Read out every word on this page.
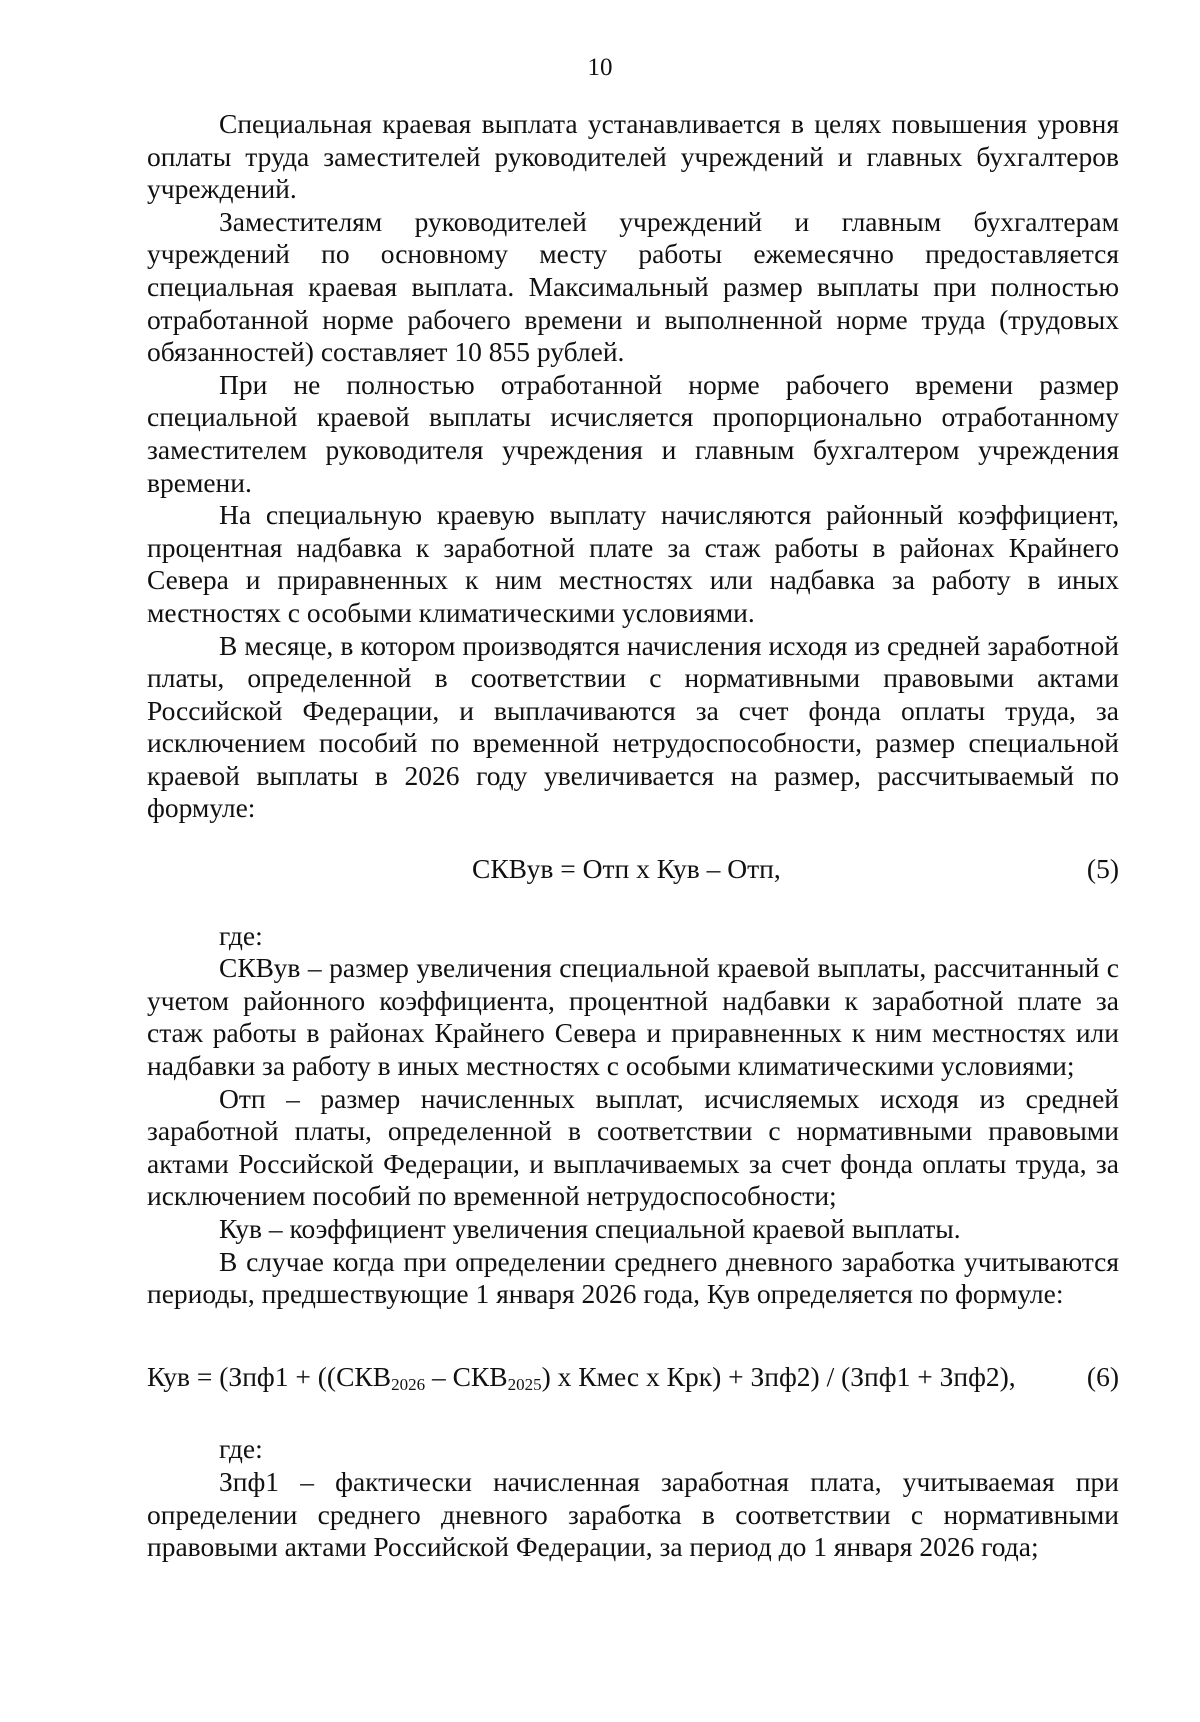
10

Специальная краевая выплата устанавливается в целях повышения уровня оплаты труда заместителей руководителей учреждений и главных бухгалтеров учреждений.

Заместителям руководителей учреждений и главным бухгалтерам учреждений по основному месту работы ежемесячно предоставляется специальная краевая выплата. Максимальный размер выплаты при полностью отработанной норме рабочего времени и выполненной норме труда (трудовых обязанностей) составляет 10 855 рублей.

При не полностью отработанной норме рабочего времени размер специальной краевой выплаты исчисляется пропорционально отработанному заместителем руководителя учреждения и главным бухгалтером учреждения времени.

На специальную краевую выплату начисляются районный коэффициент, процентная надбавка к заработной плате за стаж работы в районах Крайнего Севера и приравненных к ним местностях или надбавка за работу в иных местностях с особыми климатическими условиями.

В месяце, в котором производятся начисления исходя из средней заработной платы, определенной в соответствии с нормативными правовыми актами Российской Федерации, и выплачиваются за счет фонда оплаты труда, за исключением пособий по временной нетрудоспособности, размер специальной краевой выплаты в 2026 году увеличивается на размер, рассчитываемый по формуле:

СКВув = Отп х Кув – Отп,	(5)

где:

СКВув – размер увеличения специальной краевой выплаты, рассчитанный с учетом районного коэффициента, процентной надбавки к заработной плате за стаж работы в районах Крайнего Севера и приравненных к ним местностях или надбавки за работу в иных местностях с особыми климатическими условиями;

Отп – размер начисленных выплат, исчисляемых исходя из средней заработной платы, определенной в соответствии с нормативными правовыми актами Российской Федерации, и выплачиваемых за счет фонда оплаты труда, за исключением пособий по временной нетрудоспособности;

Кув – коэффициент увеличения специальной краевой выплаты.

В случае когда при определении среднего дневного заработка учитываются периоды, предшествующие 1 января 2026 года, Кув определяется по формуле:

Кув = ($Зпф1 + ((СКВ_{2026} - СКВ_{2025})$ х Кмес х Крк) + Зпф2) / (Зпф1 + Зпф2),	(6)

где:

Зпф1 – фактически начисленная заработная плата, учитываемая при определении среднего дневного заработка в соответствии с нормативными правовыми актами Российской Федерации, за период до 1 января 2026 года;
